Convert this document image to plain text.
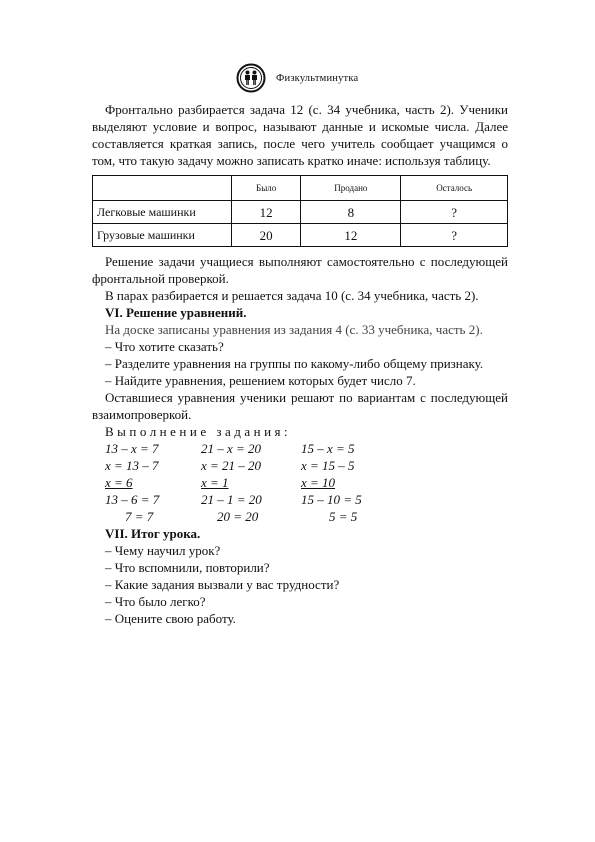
Физкультминутка

Фронтально разбирается задача 12 (с. 34 учебника, часть 2). Ученики выделяют условие и вопрос, называют данные и искомые числа. Далее составляется краткая запись, после чего учитель сообщает учащимся о том, что такую задачу можно записать кратко иначе: используя таблицу.

	Было	Продано	Осталось
Легковые машинки	12	8	?
Грузовые машинки	20	12	?

Решение задачи учащиеся выполняют самостоятельно с последующей фронтальной проверкой.

В парах разбирается и решается задача 10 (с. 34 учебника, часть 2).

VI. Решение уравнений.

На доске записаны уравнения из задания 4 (с. 33 учебника, часть 2).

– Что хотите сказать?

– Разделите уравнения на группы по какому-либо общему признаку.

– Найдите уравнения, решением которых будет число 7.

Оставшиеся уравнения ученики решают по вариантам с последующей взаимопроверкой.

Выполнение задания:

13 – x = 7	21 – x = 20	15 – x = 5
x = 13 – 7	x = 21 – 20	x = 15 – 5
x = 6	x = 1	x = 10
13 – 6 = 7	21 – 1 = 20	15 – 10 = 5
7 = 7	20 = 20	5 = 5

VII. Итог урока.

– Чему научил урок?

– Что вспомнили, повторили?

– Какие задания вызвали у вас трудности?

– Что было легко?

– Оцените свою работу.
